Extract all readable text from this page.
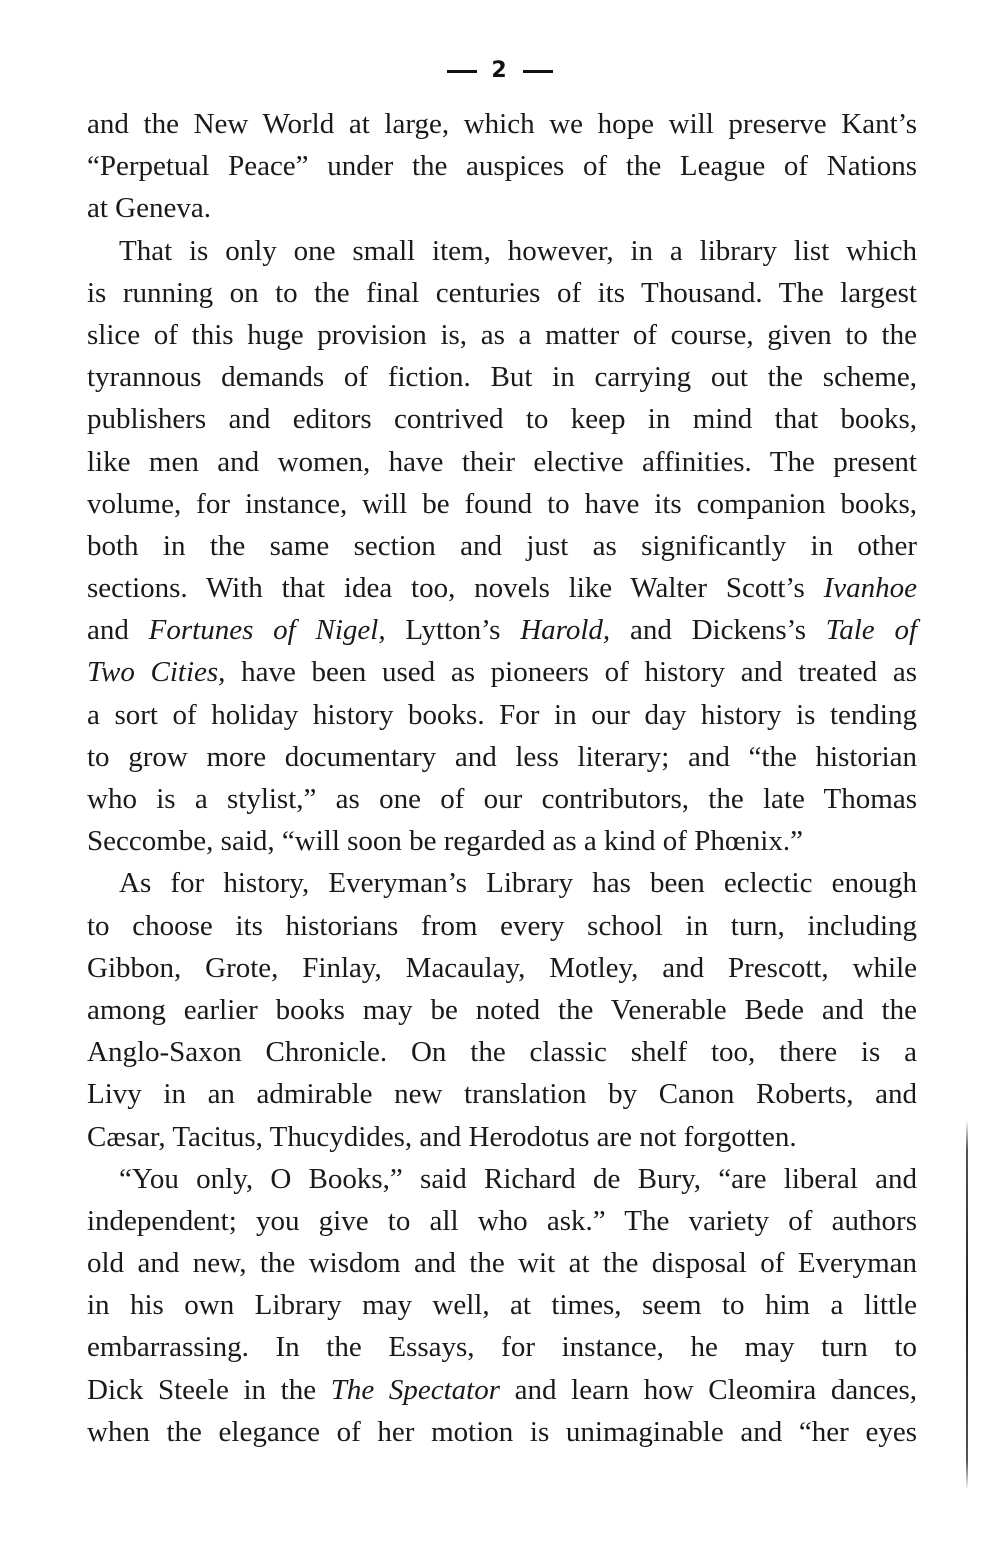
2
and the New World at large, which we hope will preserve Kant’s
“Perpetual Peace” under the auspices of the League of Nations
at Geneva.
That is only one small item, however, in a library list which
is running on to the final centuries of its Thousand. The largest
slice of this huge provision is, as a matter of course, given to the
tyrannous demands of fiction. But in carrying out the scheme,
publishers and editors contrived to keep in mind that books,
like men and women, have their elective affinities. The present
volume, for instance, will be found to have its companion books,
both in the same section and just as significantly in other
sections. With that idea too, novels like Walter Scott’s Ivanhoe
and Fortunes of Nigel, Lytton’s Harold, and Dickens’s Tale of
Two Cities, have been used as pioneers of history and treated as
a sort of holiday history books. For in our day history is tending
to grow more documentary and less literary; and “the historian
who is a stylist,” as one of our contributors, the late Thomas
Seccombe, said, “will soon be regarded as a kind of Phœnix.”
As for history, Everyman’s Library has been eclectic enough
to choose its historians from every school in turn, including
Gibbon, Grote, Finlay, Macaulay, Motley, and Prescott, while
among earlier books may be noted the Venerable Bede and the
Anglo-Saxon Chronicle. On the classic shelf too, there is a
Livy in an admirable new translation by Canon Roberts, and
Cæsar, Tacitus, Thucydides, and Herodotus are not forgotten.
“You only, O Books,” said Richard de Bury, “are liberal and
independent; you give to all who ask.” The variety of authors
old and new, the wisdom and the wit at the disposal of Everyman
in his own Library may well, at times, seem to him a little
embarrassing. In the Essays, for instance, he may turn to
Dick Steele in the The Spectator and learn how Cleomira dances,
when the elegance of her motion is unimaginable and “her eyes
